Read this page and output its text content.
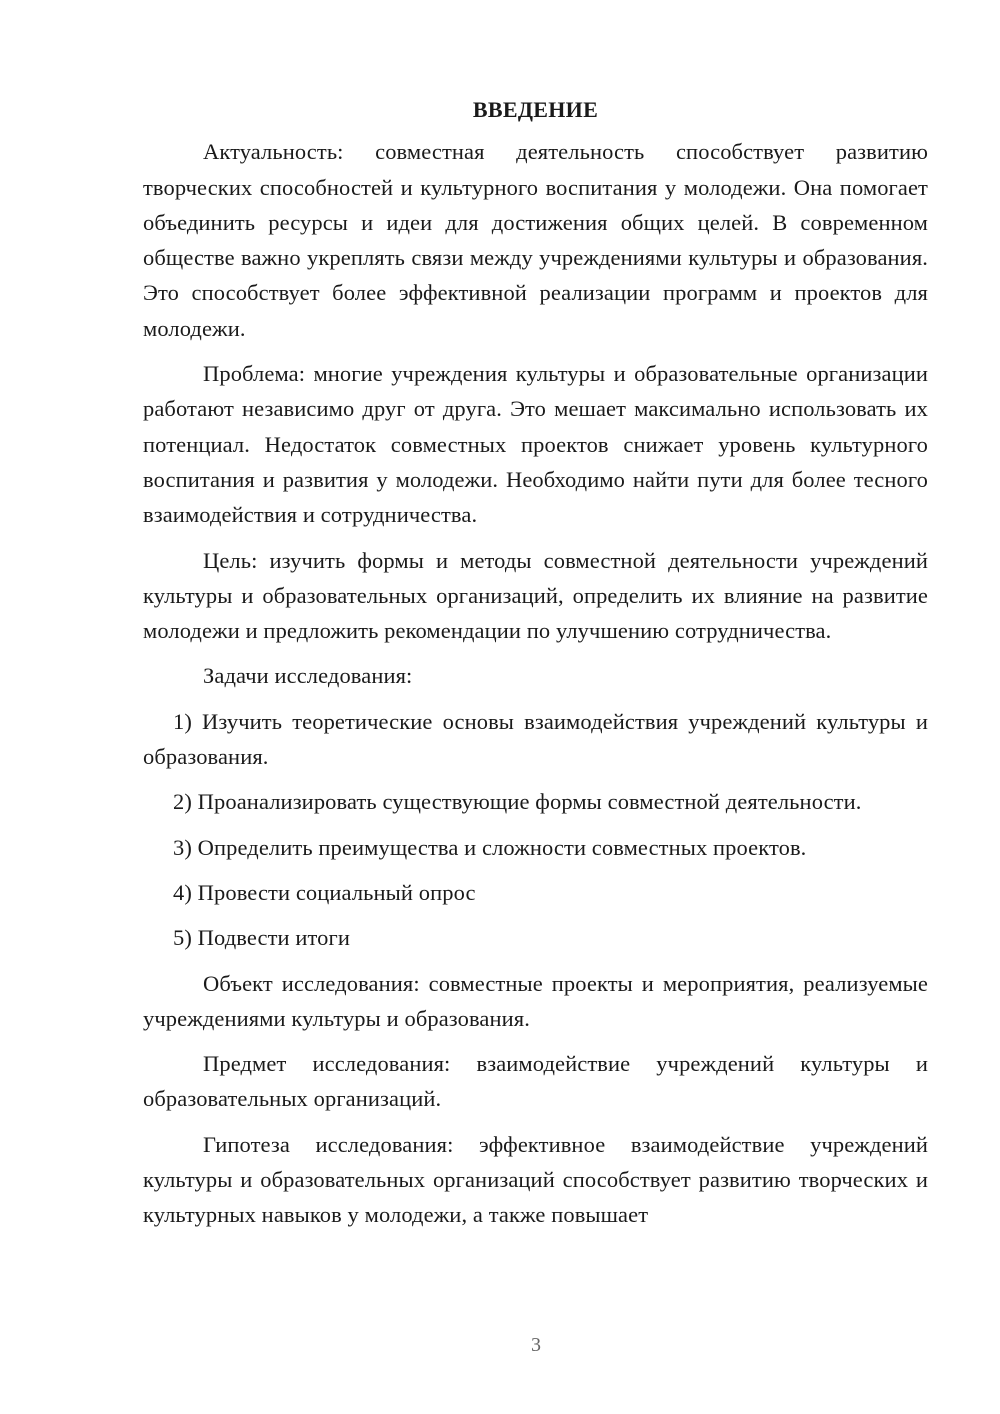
ВВЕДЕНИЕ

Актуальность: совместная деятельность способствует развитию творческих способностей и культурного воспитания у молодежи. Она помогает объединить ресурсы и идеи для достижения общих целей. В современном обществе важно укреплять связи между учреждениями культуры и образования. Это способствует более эффективной реализации программ и проектов для молодежи.

Проблема: многие учреждения культуры и образовательные организации работают независимо друг от друга. Это мешает максимально использовать их потенциал. Недостаток совместных проектов снижает уровень культурного воспитания и развития у молодежи. Необходимо найти пути для более тесного взаимодействия и сотрудничества.

Цель: изучить формы и методы совместной деятельности учреждений культуры и образовательных организаций, определить их влияние на развитие молодежи и предложить рекомендации по улучшению сотрудничества.

Задачи исследования:

1) Изучить теоретические основы взаимодействия учреждений культуры и образования.

2) Проанализировать существующие формы совместной деятельности.

3) Определить преимущества и сложности совместных проектов.

4) Провести социальный опрос

5) Подвести итоги

Объект исследования: совместные проекты и мероприятия, реализуемые учреждениями культуры и образования.

Предмет исследования: взаимодействие учреждений культуры и образовательных организаций.

Гипотеза исследования: эффективное взаимодействие учреждений культуры и образовательных организаций способствует развитию творческих и культурных навыков у молодежи, а также повышает

3
